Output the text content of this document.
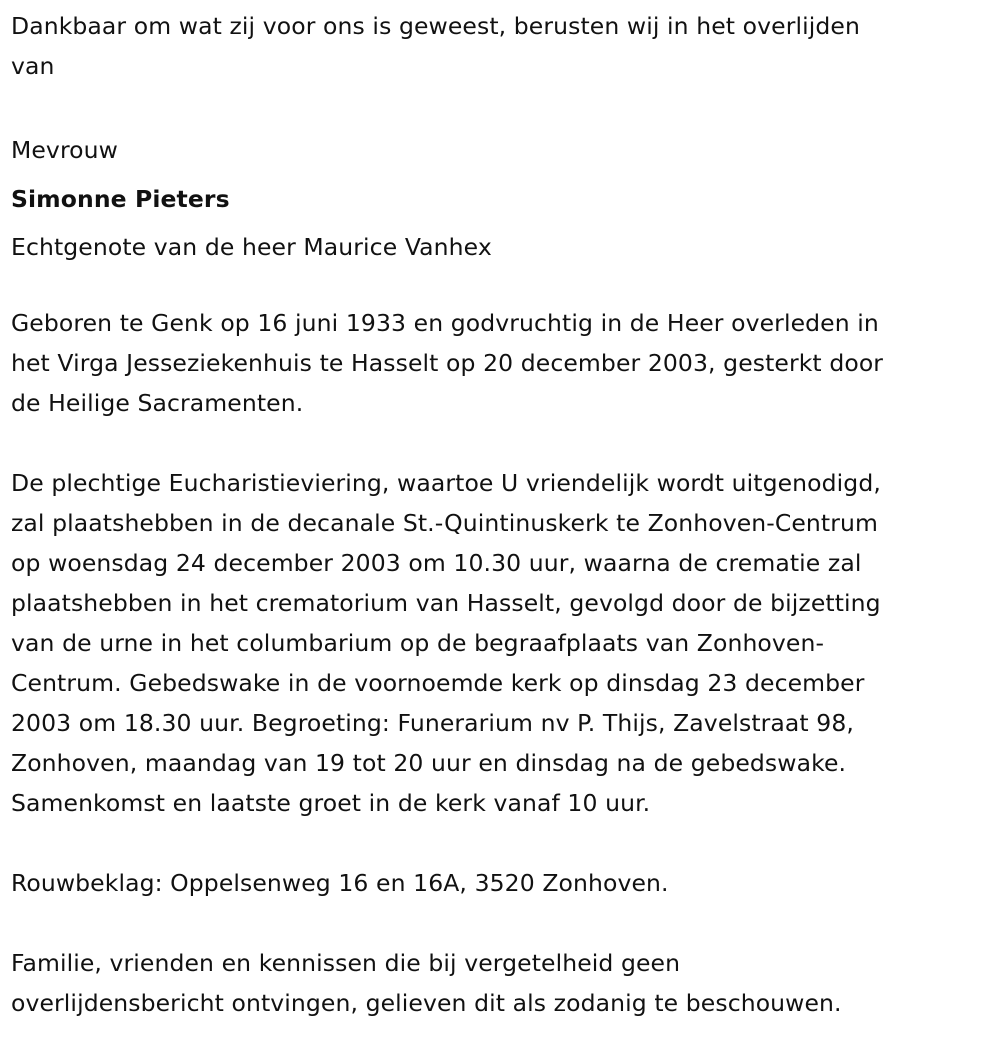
Dankbaar om wat zij voor ons is geweest, berusten wij in het overlijden
van
Mevrouw
Simonne Pieters
Echtgenote van de heer Maurice Vanhex
Geboren te Genk op 16 juni 1933 en godvruchtig in de Heer overleden in
het Virga Jesseziekenhuis te Hasselt op 20 december 2003, gesterkt door
de Heilige Sacramenten.
De plechtige Eucharistieviering, waartoe U vriendelijk wordt uitgenodigd,
zal plaatshebben in de decanale St.-Quintinuskerk te Zonhoven-Centrum
op woensdag 24 december 2003 om 10.30 uur, waarna de crematie zal
plaatshebben in het crematorium van Hasselt, gevolgd door de bijzetting
van de urne in het columbarium op de begraafplaats van Zonhoven-
Centrum. Gebedswake in de voornoemde kerk op dinsdag 23 december
2003 om 18.30 uur. Begroeting: Funerarium nv P. Thijs, Zavelstraat 98,
Zonhoven, maandag van 19 tot 20 uur en dinsdag na de gebedswake.
Samenkomst en laatste groet in de kerk vanaf 10 uur.
Rouwbeklag: Oppelsenweg 16 en 16A, 3520 Zonhoven.
Familie, vrienden en kennissen die bij vergetelheid geen
overlijdensbericht ontvingen, gelieven dit als zodanig te beschouwen.
